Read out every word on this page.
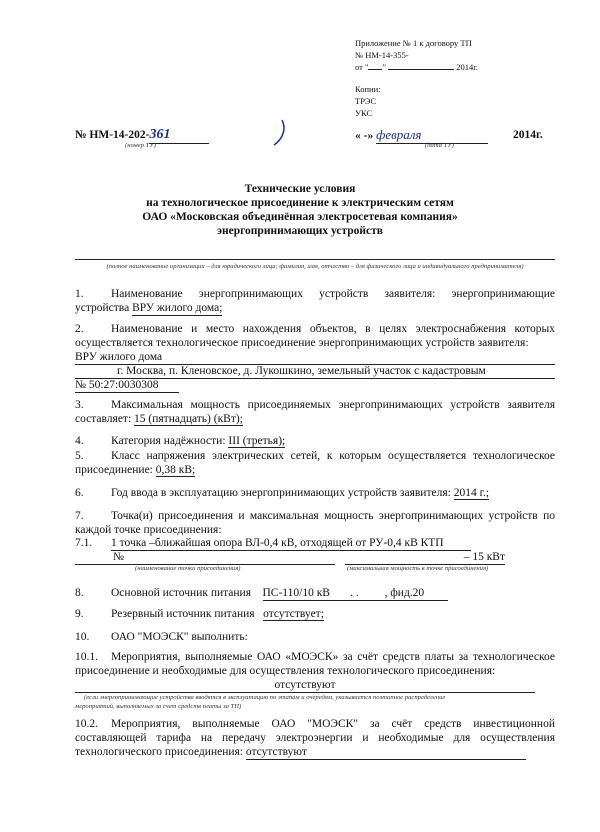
Приложение № 1 к договору ТП
№ НМ-14-355-
от " "	2014г.
Копии:
ТРЭС
УКС
№ НМ-14-202-361
(номер ТУ)
« -» февраля	2014г.
(дата ТУ)
Технические условия
на технологическое присоединение к электрическим сетям
ОАО «Московская объединённая электросетевая компания»
энергопринимающих устройств
(полное наименование организации – для юридического лица; фамилия, имя, отчество – для физического лица и индивидуального предпринимателя)
1. Наименование энергопринимающих устройств заявителя: энергопринимающие
устройства ВРУ жилого дома;
2. Наименование и место нахождения объектов, в целях электроснабжения которых
осуществляется технологическое присоединение энергопринимающих устройств заявителя:
ВРУ жилого дома
г. Москва, п. Кленовское, д. Лукошкино, земельный участок с кадастровым
№ 50:27:0030308
3. Максимальная мощность присоединяемых энергопринимающих устройств заявителя
составляет: 15 (пятнадцать) (кВт);
4. Категория надёжности: III (третья);
5. Класс напряжения электрических сетей, к которым осуществляется технологическое
присоединение: 0,38 кВ;
6. Год ввода в эксплуатацию энергопринимающих устройств заявителя: 2014 г.;
7. Точка(и) присоединения и максимальная мощность энергопринимающих устройств по
каждой точке присоединения:
7.1. 1 точка –ближайшая опора ВЛ-0,4 кВ, отходящей от РУ-0,4 кВ КТП
№	– 15 кВт
(наименование точки присоединения)	(максимальная мощность в точке присоединения)
8. Основной источник питания ПС-110/10 кВ . . , фид.20
9. Резервный источник питания отсутствует;
10. ОАО "МОЭСК" выполнить:
10.1. Мероприятия, выполняемые ОАО «МОЭСК» за счёт средств платы за технологическое
присоединение и необходимые для осуществления технологического присоединения:
отсутствуют
(если энергопринимающие устройства вводятся в эксплуатацию по этапам и очередям, указывается поэтапное распределение
мероприятий, выполняемых за счет средств платы за ТП)
10.2. Мероприятия, выполняемые ОАО "МОЭСК" за счёт средств инвестиционной
составляющей тарифа на передачу электроэнергии и необходимые для осуществления
технологического присоединения: отсутствуют
